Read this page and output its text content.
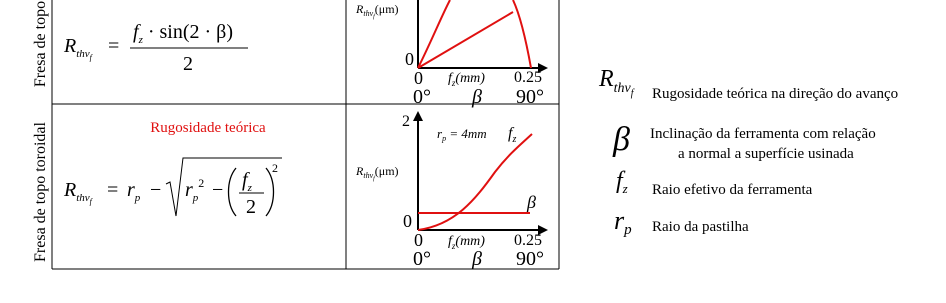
Fresa de topo
Fresa de topo toroidal
$R_{thv}f$
=
$f_z \cdot \sin(2 \cdot \beta)$
2
$R_{thv}f(\mu m)$
0
0 $f_z(mm)$ 0.25
0° β 90°
Rugosidade teórica
$R_{thv}f$
= $r_p - r_p^2 - f_z$
2
2
2
$r_p = 4mm$ $f_z$
β
$R_{thv}f(\mu m)$
0
0 $f_z(mm)$ 0.25
0° β 90°
$R_{thv}f$ Rugosidade teórica na direção do avanço
β Inclinação da ferramenta com relação
a normal a superfície usinada
$f_z$ Raio efetivo da ferramenta
rp Raio da pastilha
